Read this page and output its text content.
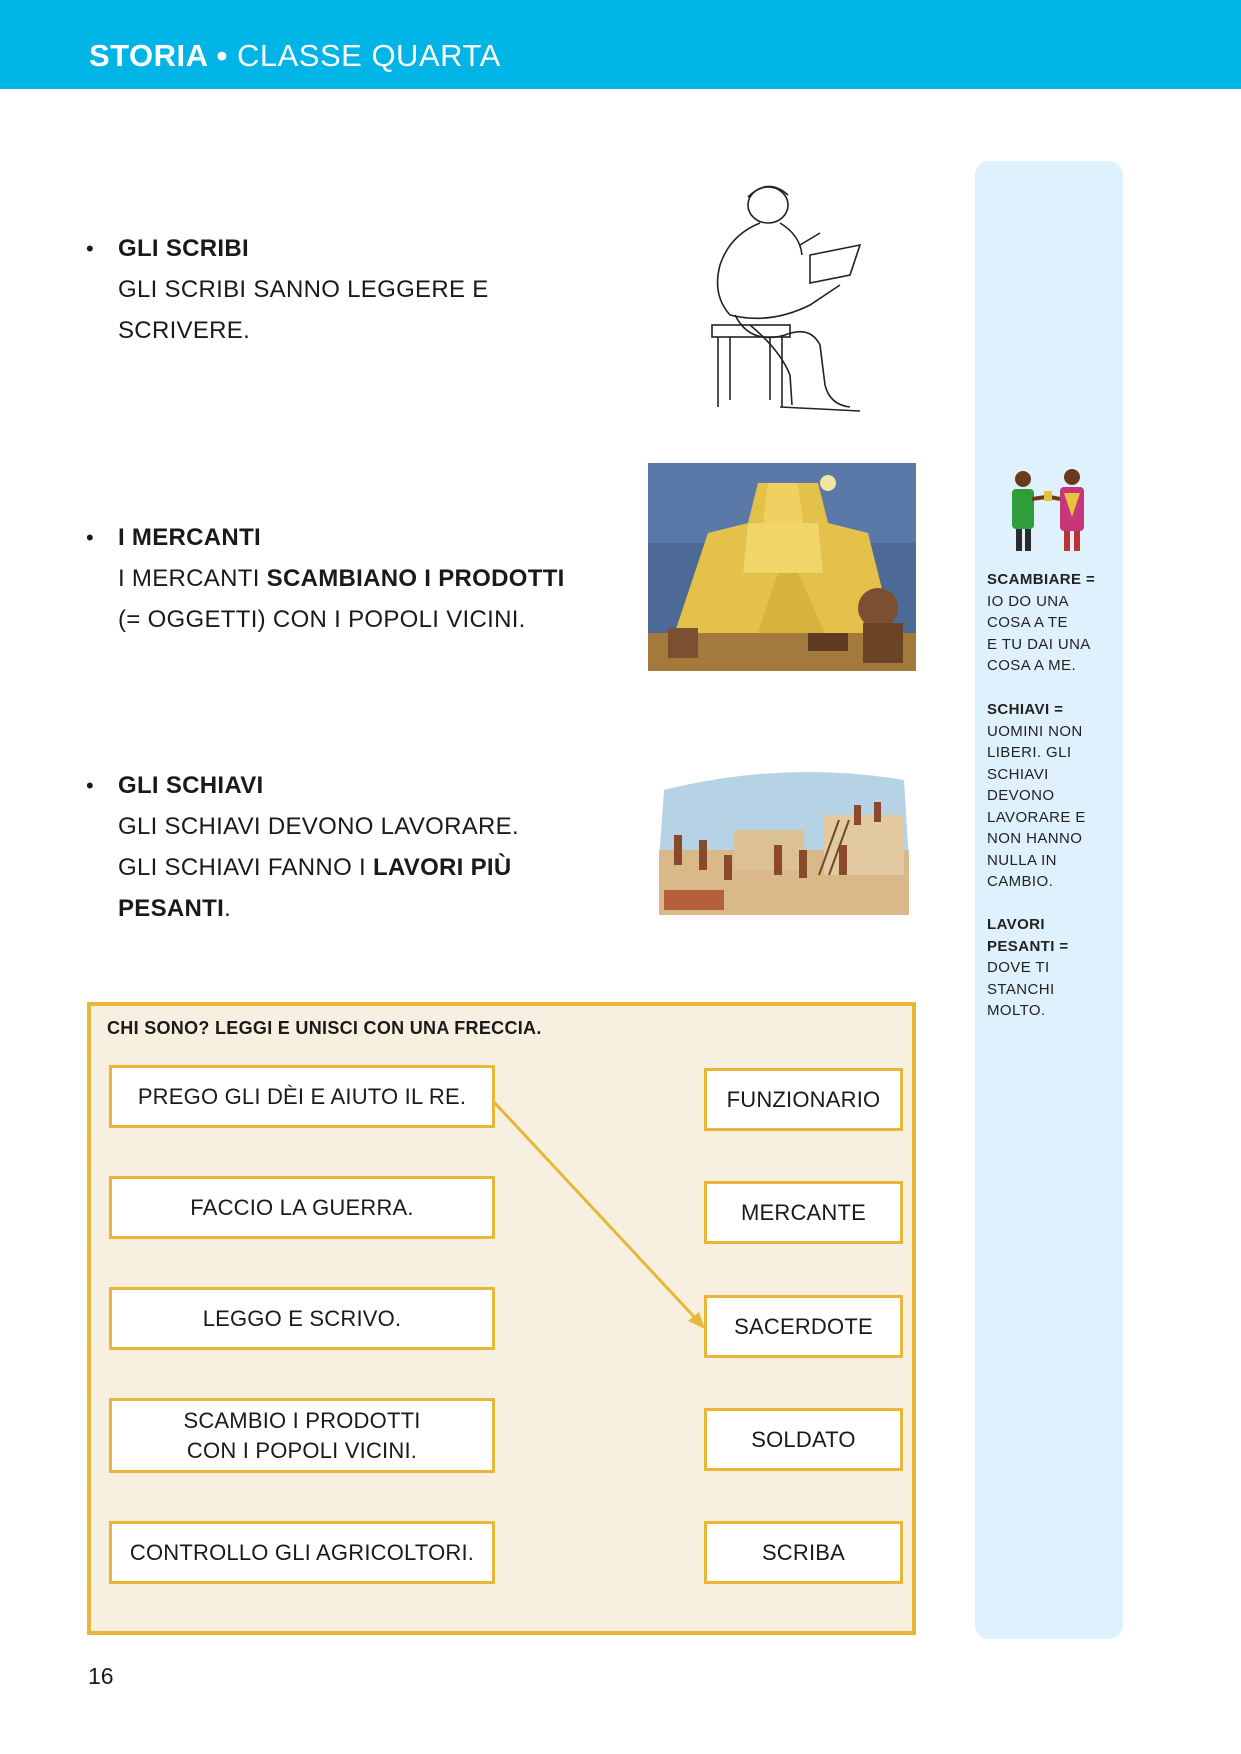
STORIA • CLASSE QUARTA
• GLI SCRIBI
GLI SCRIBI SANNO LEGGERE E
SCRIVERE.
• I MERCANTI
I MERCANTI SCAMBIANO I PRODOTTI
(= OGGETTI) CON I POPOLI VICINI.
• GLI SCHIAVI
GLI SCHIAVI DEVONO LAVORARE.
GLI SCHIAVI FANNO I LAVORI PIÙ
PESANTI.
SCAMBIARE =
IO DO UNA
COSA A TE
E TU DAI UNA
COSA A ME.
SCHIAVI =
UOMINI NON
LIBERI. GLI
SCHIAVI
DEVONO
LAVORARE E
NON HANNO
NULLA IN
CAMBIO.
LAVORI
PESANTI =
DOVE TI
STANCHI
MOLTO.
CHI SONO? LEGGI E UNISCI CON UNA FRECCIA.
PREGO GLI DÈI E AIUTO IL RE.
FACCIO LA GUERRA.
LEGGO E SCRIVO.
SCAMBIO I PRODOTTI
CON I POPOLI VICINI.
CONTROLLO GLI AGRICOLTORI.
FUNZIONARIO
MERCANTE
SACERDOTE
SOLDATO
SCRIBA
16
